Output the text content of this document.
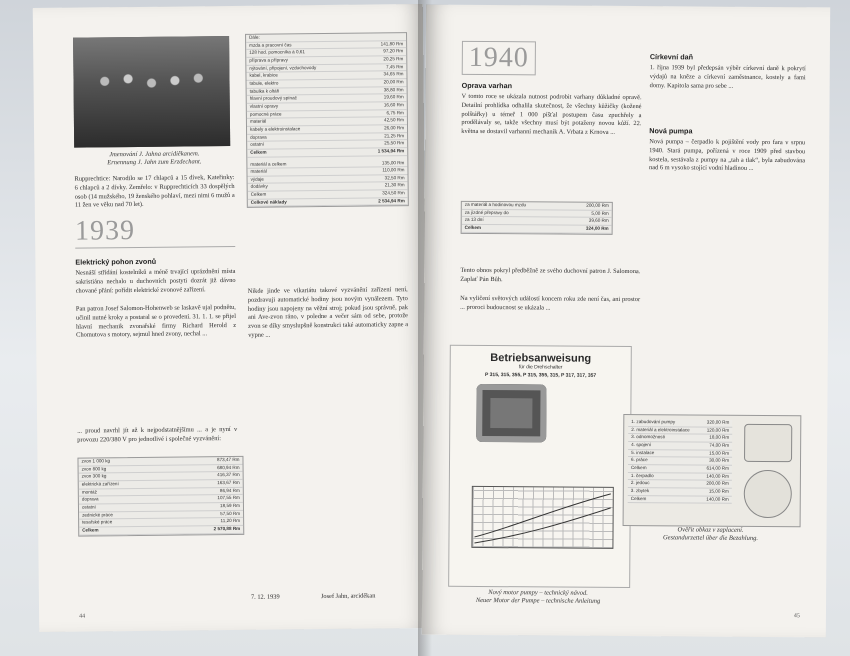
Jmenování J. Jahna arcidiěkanem.
Ernennung J. Jahn zum Erzdechant.
Rupprechtice: Narodilo se 17 chlapců a 15 dívek, Kateřinky: 6 chlapců a 2 dívky. Zemřelo: v Rupprechticích 33 dospělých osob (14 mužského, 19 ženského pohlaví, mezi nimi 6 mužů a 11 žen ve věku nad 70 let).
1939
Elektrický pohon zvonů
Nesnáší střídání kostelníků a méně trvající uprázdnění místa sakristiána nechalo u duchovních postyti dozrát již dávno chované přání: pořídit elektrické zvonové zařízení.
Pan patron Josef Salomon-Hohenweb se laskavě ujal podnětu, učinil nutné kroky a postaral se o provedení. 31. 1. 1. se přijel hlavní mechanik zvonařské firmy Richard Herold z Chomutova s motory, sejmul hned zvony, nechal ...
... proud navrhl jít až k nejpodstatnějšímu ... a je nyní v provozu 220/380 V pro jednotlivé i společné vyzvánění:
zvon 1 000 kg	873,47 Rm
zvon 800 kg	680,94 Rm
zvon 300 kg	416,37 Rm
elektrická zařízení	163,67 Rm
montáž	86,94 Rm
doprava	107,55 Rm
ostatní	18,59 Rm
zednické práce	57,50 Rm
tesařské práce	11,20 Rm
Celkem	2 570,88 Rm
Dále:
mzda a pracovní čas	141,80 Rm
128 hod. pomocníka à 0,61	97,20 Rm
příprava a přípravy	20,25 Rm
nýtování, připojení, vzduchovody	7,45 Rm
kabel, krabice	34,65 Rm
tabule, elektro	20,00 Rm
tabulka k oltáři	38,80 Rm
hlavní proudový spínač	19,60 Rm
vlastní opravy	16,60 Rm
pomocné práce	6,75 Rm
materiál	42,50 Rm
kabely a elektroinstalace	26,00 Rm
doprava	21,25 Rm
ostatní	25,50 Rm
Celkem	1 534,94 Rm
materiál a celkem	135,00 Rm
materiál	110,00 Rm
výdaje	32,50 Rm
dodávky	21,30 Rm
Celkem	324,50 Rm
Celkové náklady	2 534,94 Rm
Nikde jinde ve vikariátu takové vyzvánění zařízení není, pozdravuji automatické hodiny jsou novým vynálezem. Tyto hodiny jsou napojeny na věžní stroj; pokud jsou správně, pak ani Ave-zvon ráno, v poledne a večer sám od sebe, protože zvon se díky smyslupšně konstrukci také automaticky zapne a vypne ...
7. 12. 1939	Josef Jahn, arciděkan
44
1940
Oprava varhan
V tomto roce se ukázala nutnost podrobit varhany důkladné opravě. Detailní prohlídka odhalila skutečnost, že všechny kůžičky (kožené polštářky) u témeř 1 000 píšťal postupem času zpuchřely a prodělávaly se, takže všechny musí být potaženy novou kůží. 22. května se dostavil varhanní mechanik A. Vrbata z Krnova ...
za materiál a hodinovou mzdu	200,00 Rm
za jízdné přepravy do	5,00 Rm
za 13 dní	39,60 Rm
Celkem	324,00 Rm
Tento obnos pokryl předběžně ze svého duchovní patron J. Salomona. Zaplať Pán Bůh.
Na vyličení světových událostí koncem roku zde není čas, ani prostor ... proroci budoucnost se ukázala ...
Betriebsanweisung
für die Drehschalter
P 315, 315, 355, P 315, 355, 315, P 317, 317, 357
Nový motor pumpy – technický návod.
Neuer Motor der Pumpe – technische Anleitung
Církevní daň
1. října 1939 byl předepsán výběr církevní daně k pokrytí výdajů na kněze a církevní zaměstnance, kostely a fami domy. Kapitola sama pro sebe ...
Nová pumpa
Nová pumpa – čerpadlo k pojištění vody pro fara v srpnu 1940. Stará pumpa, pořízená v roce 1909 před stavbou kostela, sestávala z pumpy na „tah a tlak“, byla zabudována nad 6 m vysoko stojící vodní hladinou ...
1. zabudování pumpy	320,00 Rm
2. materiál a elektroinstalace	120,00 Rm
3. odnomožnosti	18,00 Rm
4. spojení	74,00 Rm
5. instalace	15,00 Rm
6. práce	30,00 Rm
Celkem	614,00 Rm
1. čerpadlo	140,00 Rm
2. jedouc	200,00 Rm
3. zbytek	15,00 Rm
Celkem	140,00 Rm
Ověřit obkaz v zaplacení.
Gestandurzettel über die Bezahlung.
45
